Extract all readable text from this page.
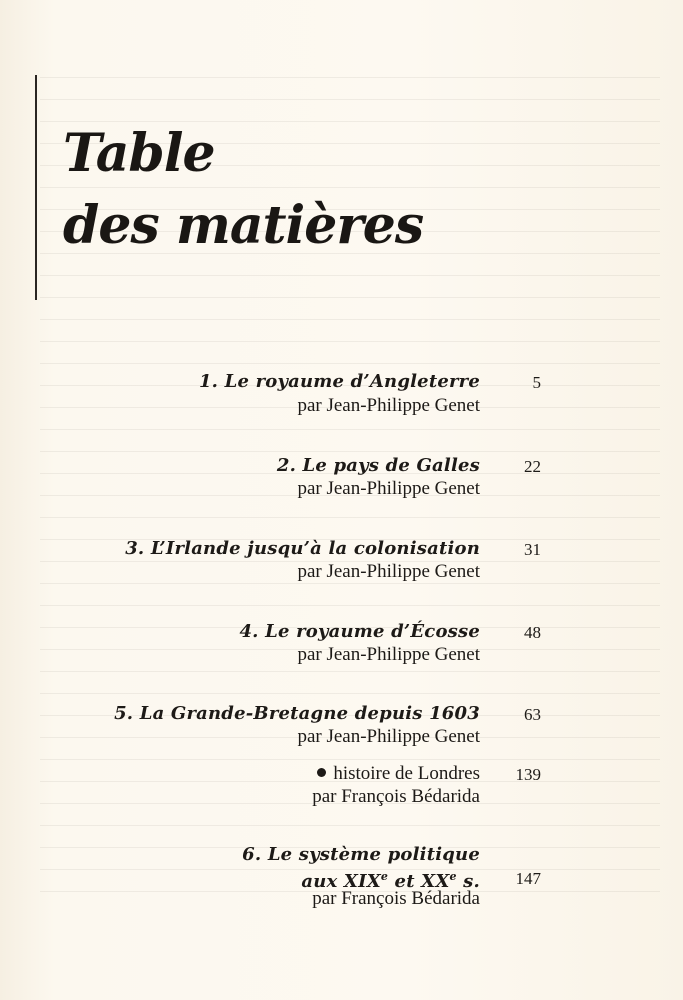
Table
des matières
1. Le royaume d’Angleterre	5
par Jean-Philippe Genet
2. Le pays de Galles	22
par Jean-Philippe Genet
3. L’Irlande jusqu’à la colonisation	31
par Jean-Philippe Genet
4. Le royaume d’Écosse	48
par Jean-Philippe Genet
5. La Grande-Bretagne depuis 1603	63
par Jean-Philippe Genet
histoire de Londres 139
par François Bédarida
6. Le système politique
aux XIXe et XXe s. 147
par François Bédarida
